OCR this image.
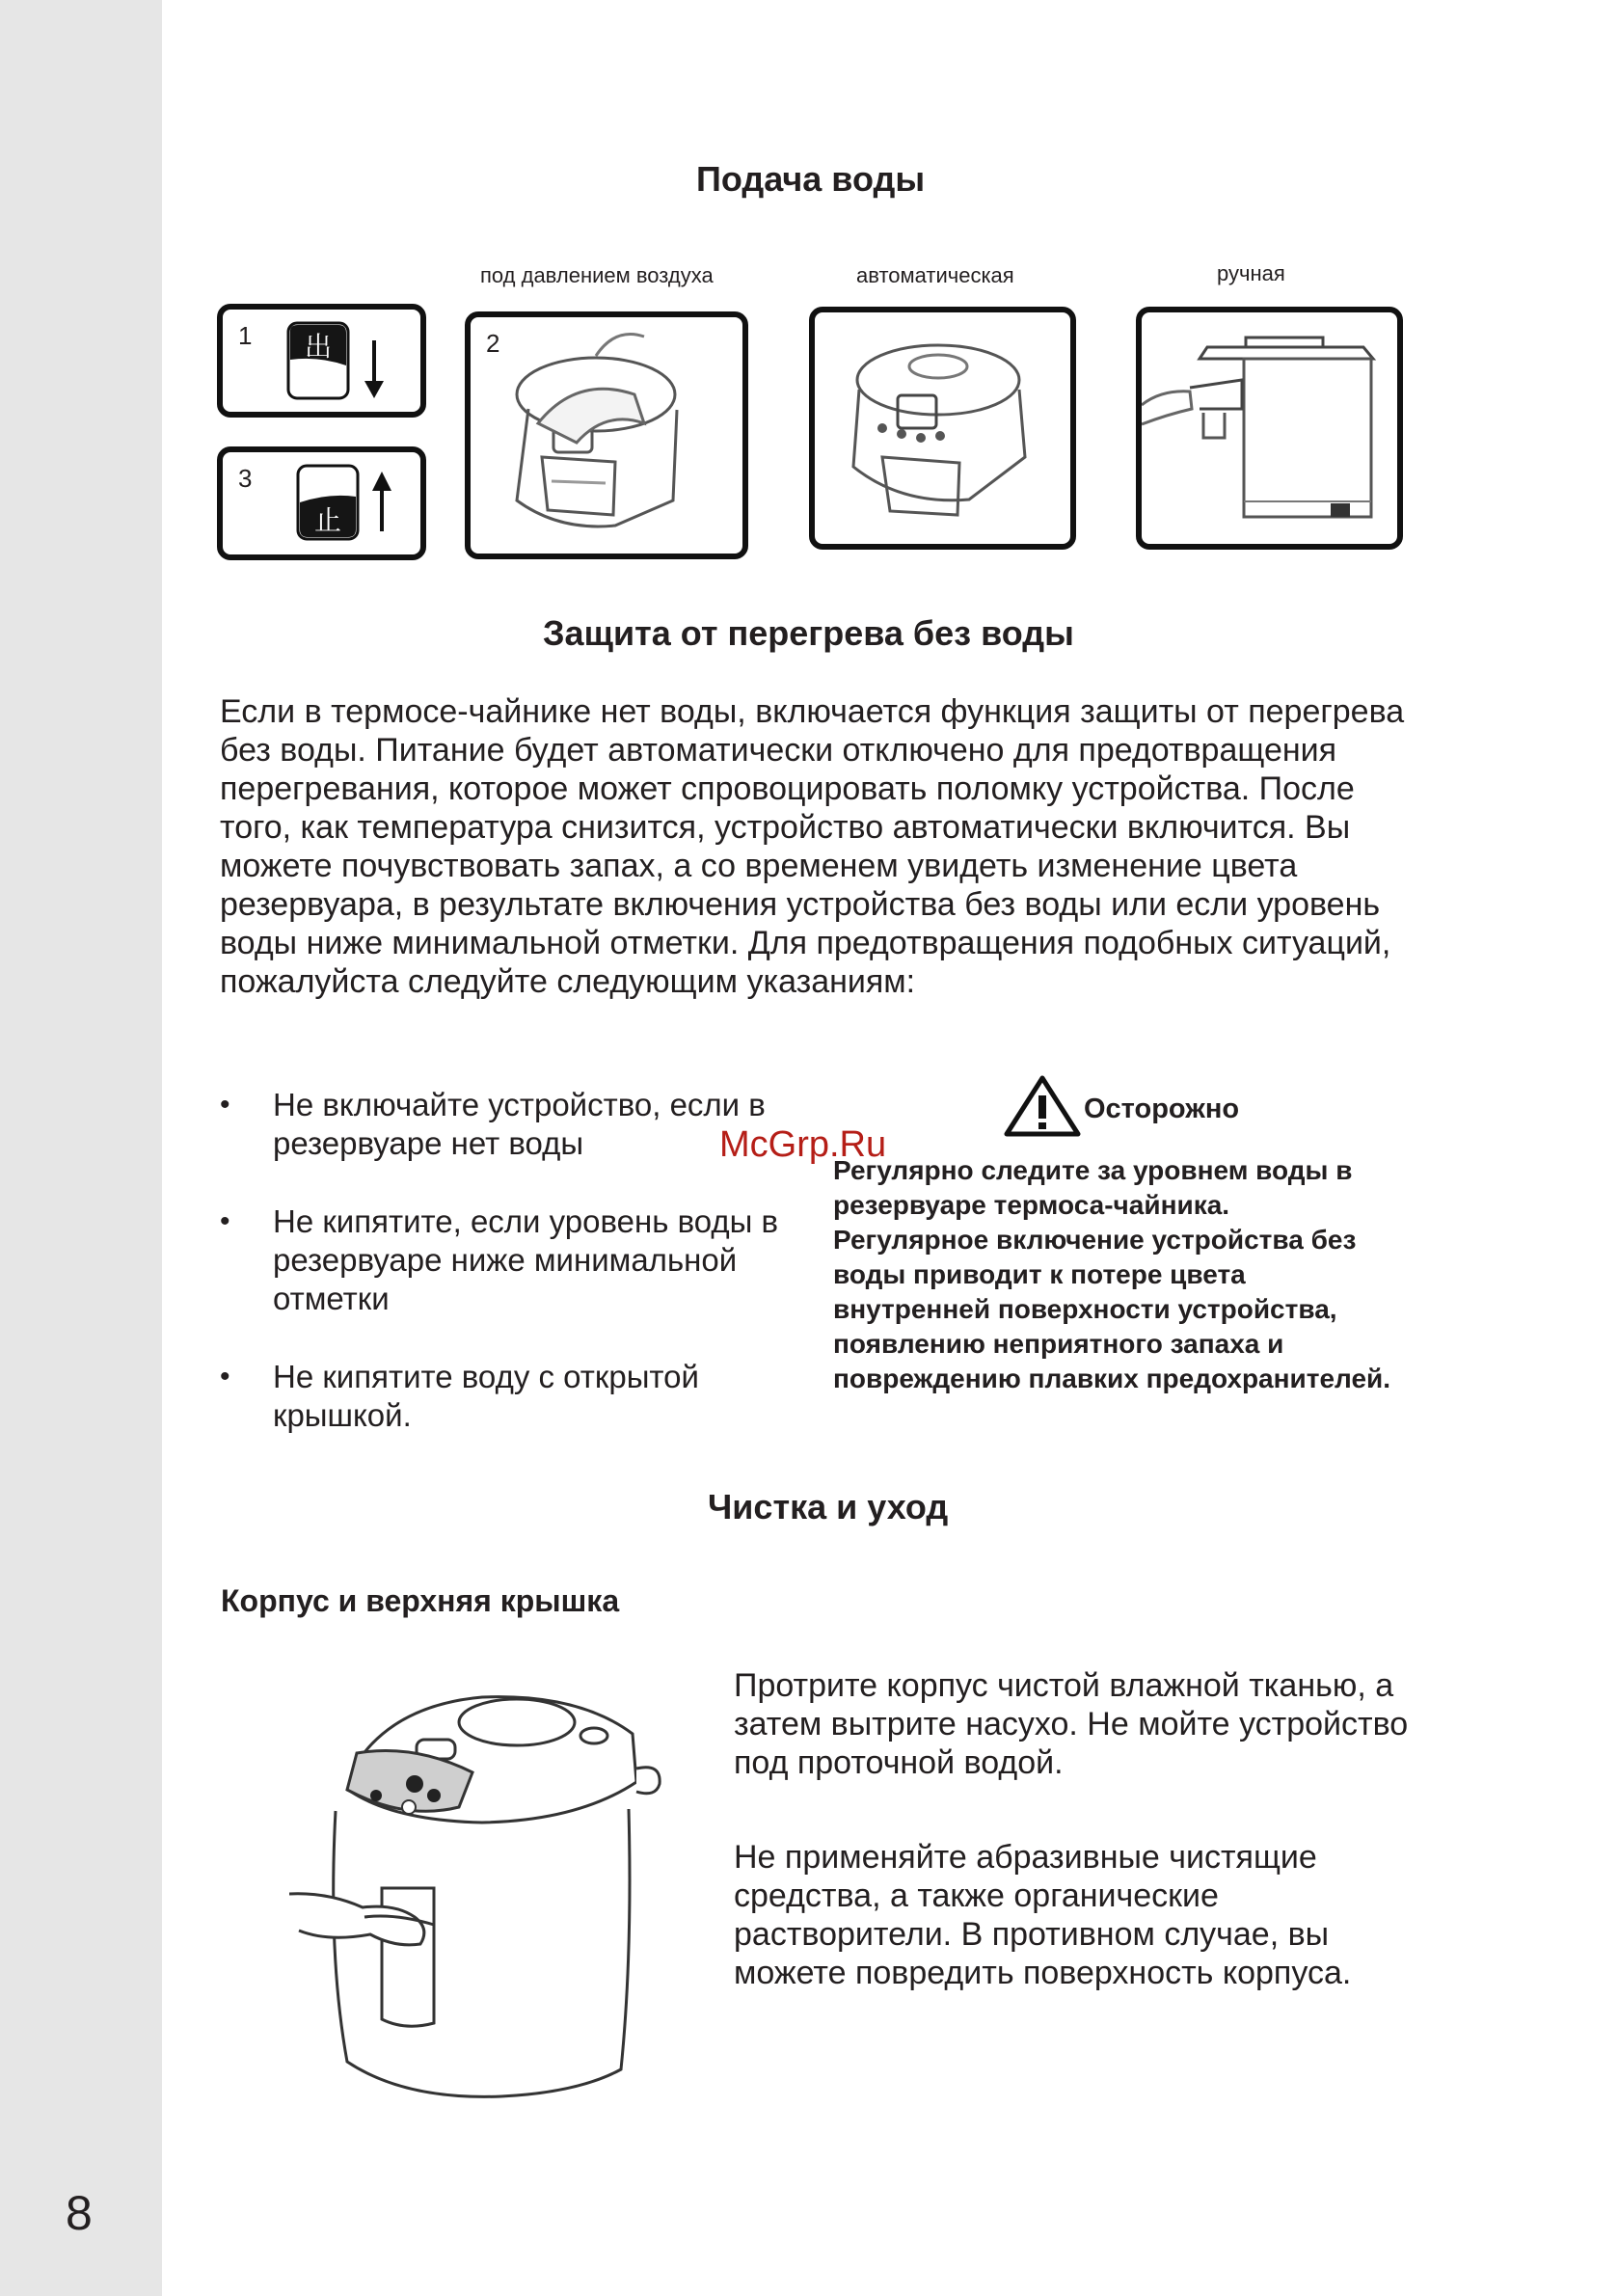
8
Подача воды
под давлением воздуха	автоматическая	ручная
1 出
3
止
2
Защита от перегрева без воды

Если в термосе-чайнике нет воды, включается функция защиты от перегрева без воды. Питание будет автоматически отключено для предотвращения перегревания, которое может спровоцировать поломку устройства. После того, как температура снизится, устройство автоматически включится. Вы можете почувствовать запах, а со временем увидеть изменение цвета резервуара, в результате включения устройства без воды или если уровень воды ниже минимальной отметки. Для предотвращения подобных ситуаций, пожалуйста следуйте следующим указаниям:

• Не включайте устройство, если в резервуаре нет воды
• Не кипятите, если уровень воды в резервуаре ниже минимальной отметки
• Не кипятите воду с открытой крышкой.
Осторожно
McGrp.Ru

Регулярно следите за уровнем воды в резервуаре термоса-чайника. Регулярное включение устройства без воды приводит к потере цвета внутренней поверхности устройства, появлению неприятного запаха и повреждению плавких предохранителей.

Чистка и уход
Корпус и верхняя крышка

Протрите корпус чистой влажной тканью, а затем вытрите насухо. Не мойте устройство под проточной водой.

Не применяйте абразивные чистящие средства, а также органические растворители. В противном случае, вы можете повредить поверхность корпуса.
